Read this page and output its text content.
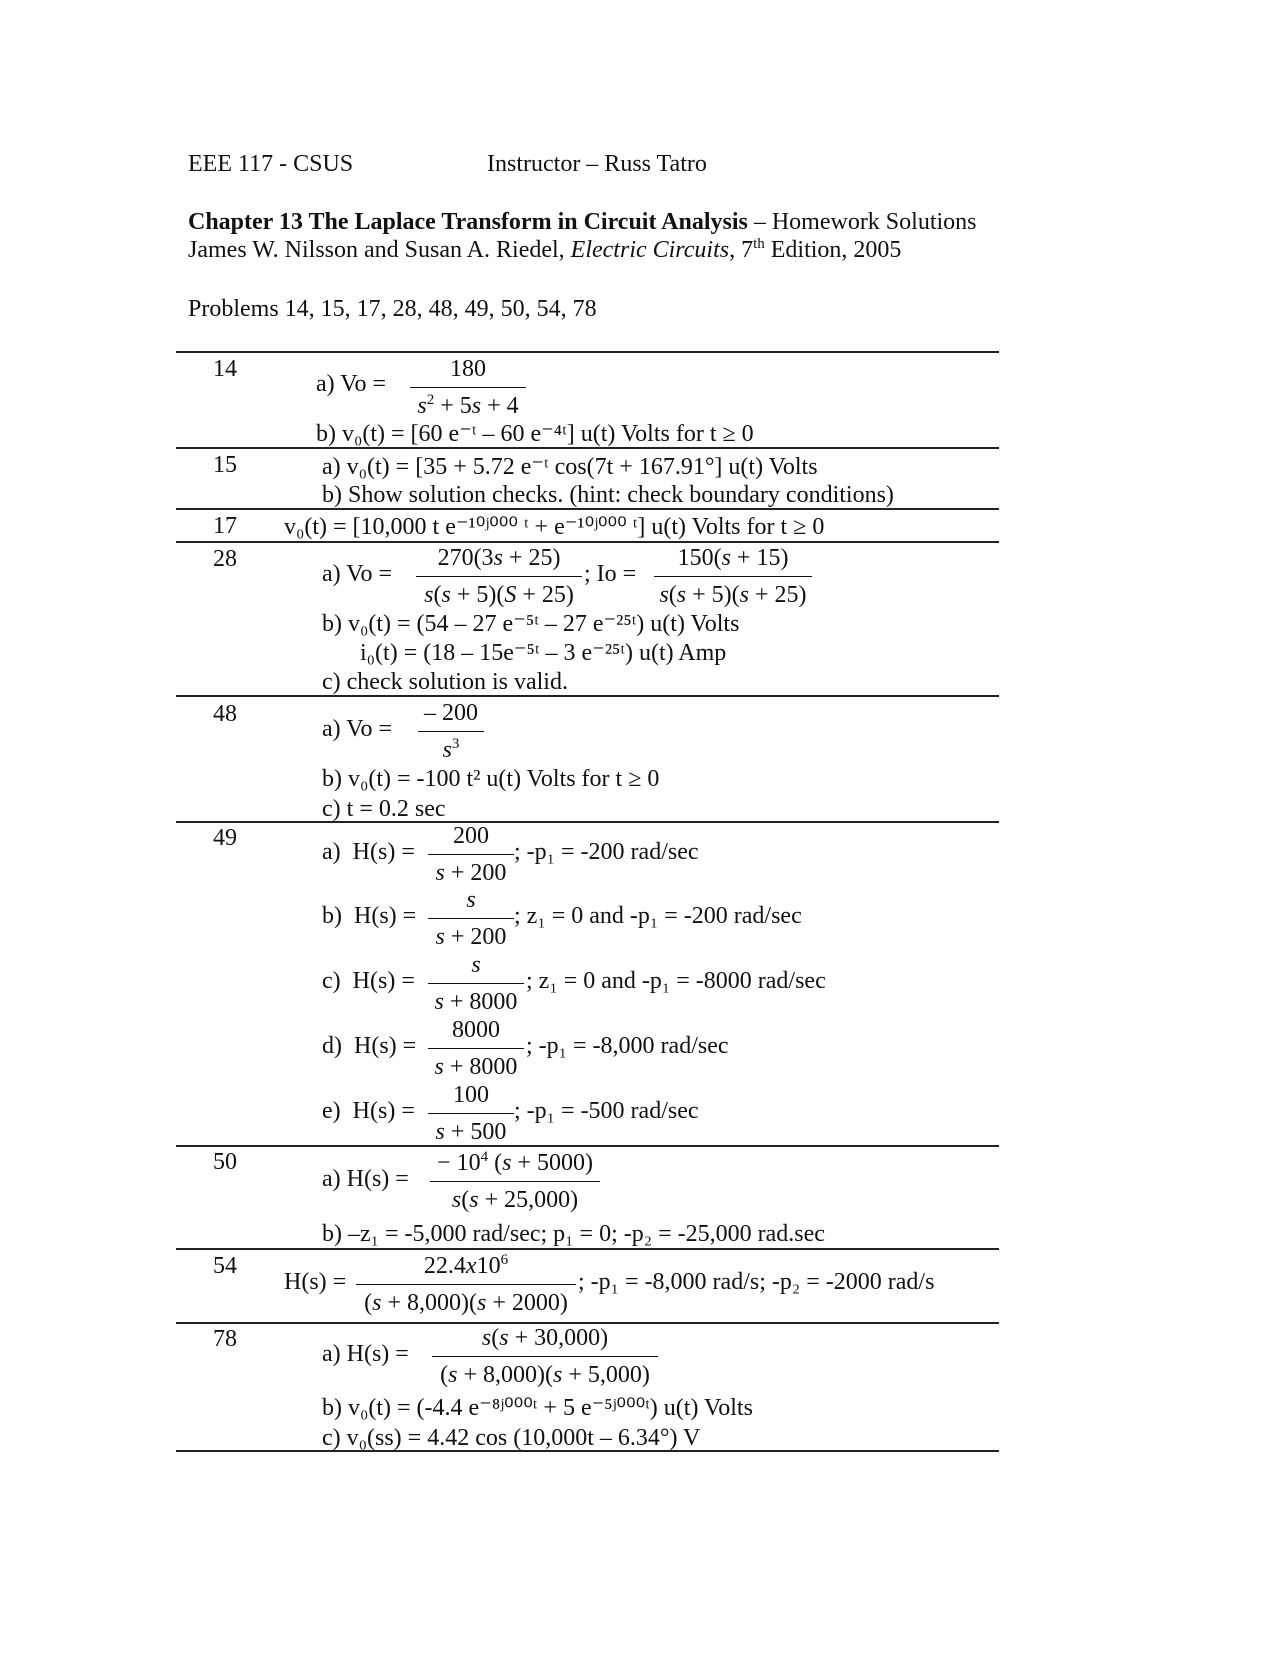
EEE 117 - CSUS	Instructor – Russ Tatro
Chapter 13 The Laplace Transform in Circuit Analysis – Homework Solutions
James W. Nilsson and Susan A. Riedel, Electric Circuits, 7th Edition, 2005
Problems 14, 15, 17, 28, 48, 49, 50, 54, 78
14
a) $Vo = \frac{180}{s^2 + 5s + 4}$
b) v₀(t) = [60 e⁻ᵗ – 60 e⁻⁴ᵗ] u(t) Volts for t ≥ 0
15	a) v₀(t) = [35 + 5.72 e⁻ᵗ cos(7t + 167.91°] u(t) Volts
b) Show solution checks. (hint: check boundary conditions)
17 v₀(t) = [10,000 t e⁻¹⁰ʲ⁰⁰⁰ ᵗ + e⁻¹⁰ʲ⁰⁰⁰ ᵗ] u(t) Volts for t ≥ 0
28
a) $Vo = \frac{270(3s + 25)}{s(s + 5)(S + 25)}$ ; $Io = \frac{150(s + 15)}{s(s + 5)(s + 25)}$
b) v₀(t) = (54 – 27 e⁻⁵ᵗ – 27 e⁻²⁵ᵗ) u(t) Volts
i₀(t) = (18 – 15e⁻⁵ᵗ – 3 e⁻²⁵ᵗ) u(t) Amp
c) check solution is valid.
48
a) $Vo = \frac{- 200}{s^3}$
b) v₀(t) = -100 t² u(t) Volts for t ≥ 0
c) t = 0.2 sec
49
a) $H(s) = \frac{200}{s + 200}$ ; -p₁ = -200 rad/sec
b) $H(s) = \frac{s}{s + 200}$ ; z₁ = 0 and -p₁ = -200 rad/sec
c) $H(s) = \frac{s}{s + 8000}$ ; z₁ = 0 and -p₁ = -8000 rad/sec
d) $H(s) = \frac{8000}{s + 8000}$ ; -p₁ = -8,000 rad/sec
e) $H(s) = \frac{100}{s + 500}$ ; -p₁ = -500 rad/sec
50
a) $H(s) = \frac{- 10^4 (s + 5000)}{s(s + 25,000)}$
b) –z₁ = -5,000 rad/sec; p₁ = 0; -p₂ = -25,000 rad.sec
54
$H(s) = \frac{22.4x10^6}{(s + 8,000)(s + 2000)}$ ; -p₁ = -8,000 rad/s; -p₂ = -2000 rad/s
78
a) $H(s) = \frac{s(s + 30,000)}{(s + 8,000)(s + 5,000)}$
b) v₀(t) = (-4.4 e⁻⁸ʲ⁰⁰⁰ᵗ + 5 e⁻⁵ʲ⁰⁰⁰ᵗ) u(t) Volts
c) v₀(ss) = 4.42 cos (10,000t – 6.34°) V
